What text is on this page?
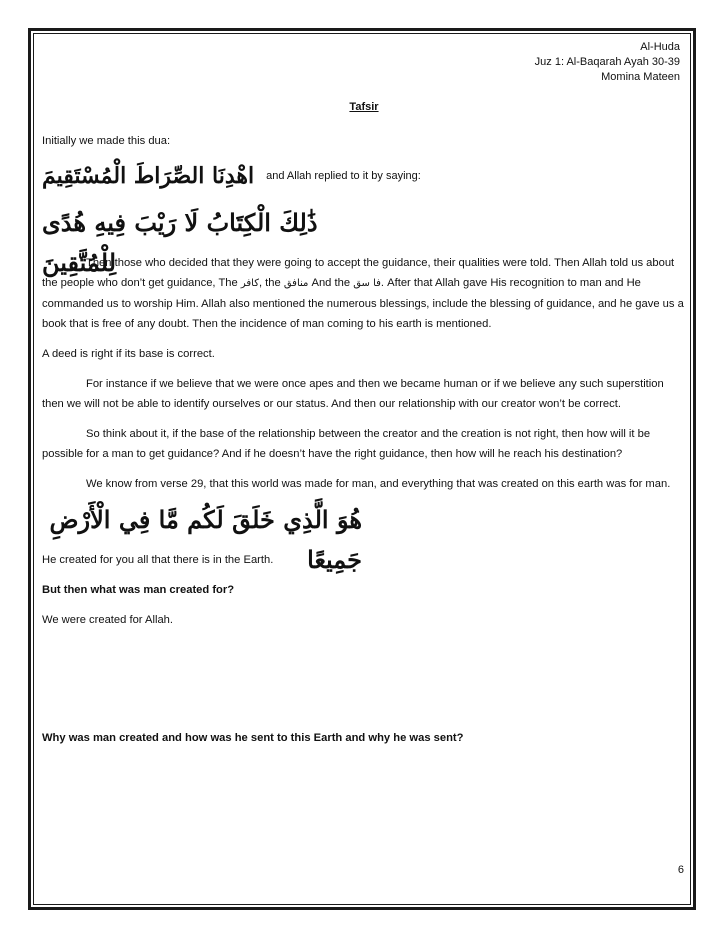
Al-Huda
Juz 1: Al-Baqarah Ayah 30-39
Momina Mateen
Tafsir

Initially we made this dua:

اهْدِنَا الصِّرَاطَ الْمُسْتَقِيمَ and Allah replied to it by saying:
ذَٰلِكَ الْكِتَابُ لَا رَيْبَ فِيهِ هُدًى لِلْمُتَّقِينَ

Then those who decided that they were going to accept the guidance, their qualities were told. Then Allah told us about the people who don’t get guidance, The كافر, the منافق And the فا سق. After that Allah gave His recognition to man and He commanded us to worship Him. Allah also mentioned the numerous blessings, include the blessing of guidance, and he gave us a book that is free of any doubt. Then the incidence of man coming to his earth is mentioned.

A deed is right if its base is correct.

For instance if we believe that we were once apes and then we became human or if we believe any such superstition then we will not be able to identify ourselves or our status. And then our relationship with our creator won’t be correct.

So think about it, if the base of the relationship between the creator and the creation is not right, then how will it be possible for a man to get guidance? And if he doesn’t have the right guidance, then how will he reach his destination?

We know from verse 29, that this world was made for man, and everything that was created on this earth was for man.

هُوَ الَّذِي خَلَقَ لَكُم مَّا فِي الْأَرْضِ جَمِيعًا

He created for you all that there is in the Earth.

But then what was man created for?

We were created for Allah.

Why was man created and how was he sent to this Earth and why he was sent?

6
